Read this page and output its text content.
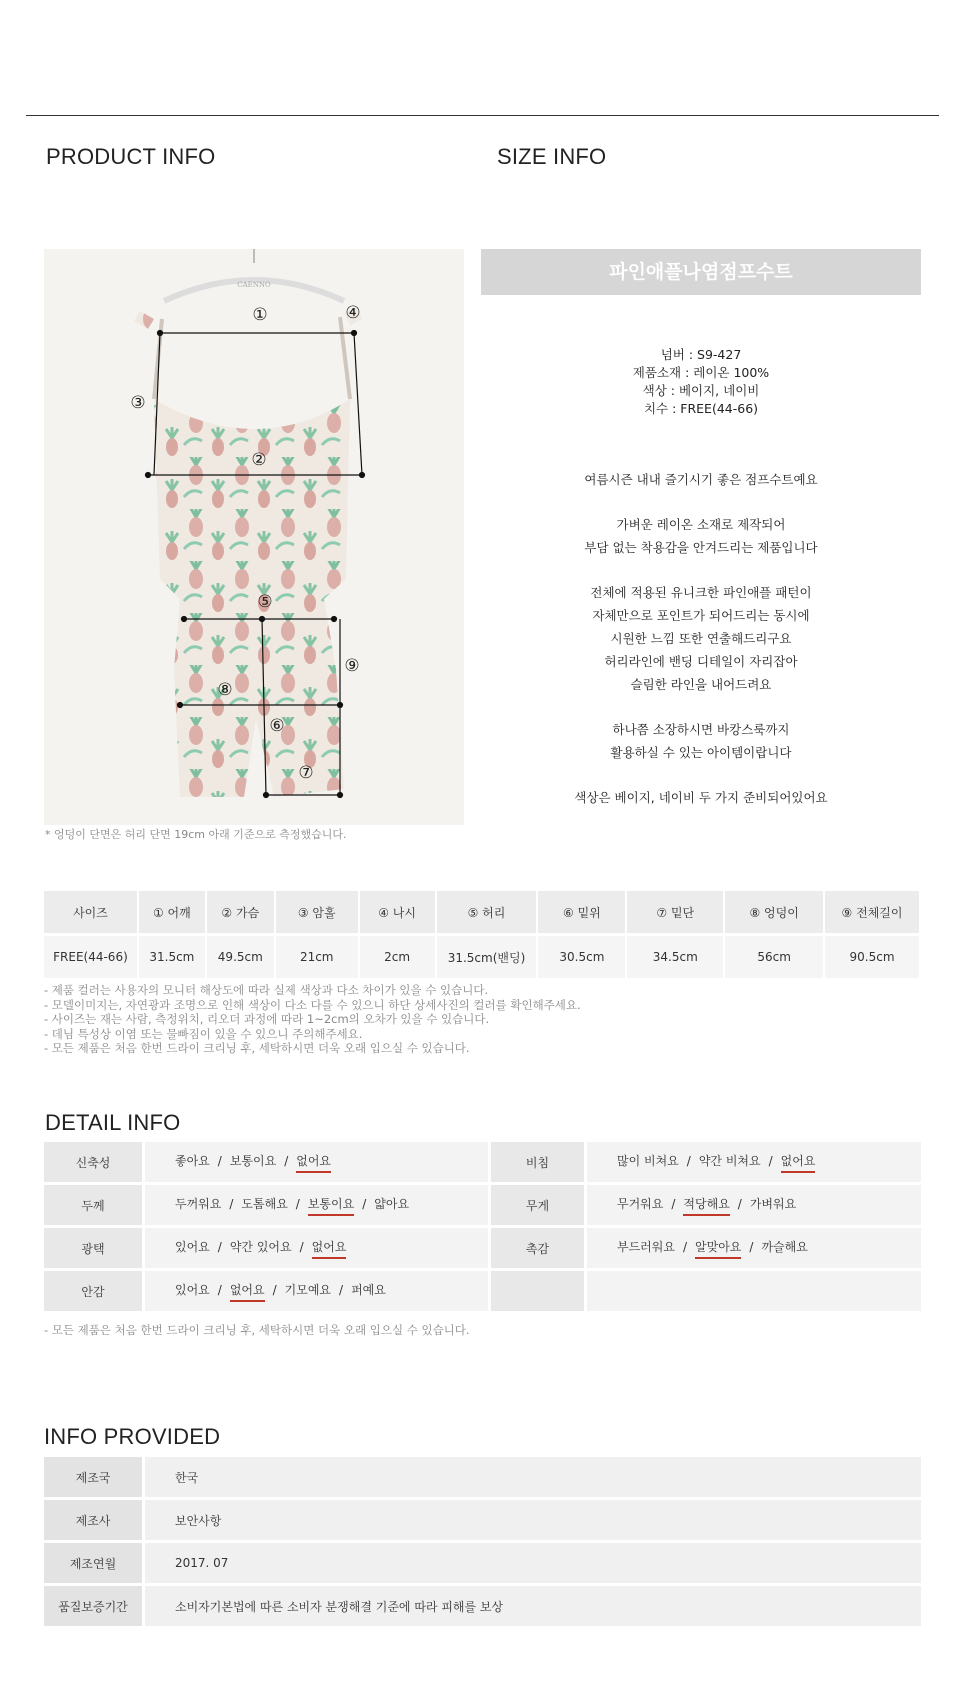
PRODUCT INFO	SIZE INFO
CAENNO
①
②
③
④
⑤
⑥
⑦
⑧
⑨
* 엉덩이 단면은 허리 단면 19cm 아래 기준으로 측정했습니다.
파인애플나염점프수트
넘버 : S9-427
제품소재 : 레이온 100%
색상 : 베이지, 네이비
치수 : FREE(44-66)

여름시즌 내내 즐기시기 좋은 점프수트예요

가벼운 레이온 소재로 제작되어

부담 없는 착용감을 안겨드리는 제품입니다

전체에 적용된 유니크한 파인애플 패턴이

자체만으로 포인트가 되어드리는 동시에

시원한 느낌 또한 연출해드리구요

허리라인에 밴딩 디테일이 자리잡아

슬림한 라인을 내어드려요

하나쯤 소장하시면 바캉스룩까지

활용하실 수 있는 아이템이랍니다

색상은 베이지, 네이비 두 가지 준비되어있어요

사이즈	① 어깨	② 가슴	③ 암홀	④ 나시	⑤ 허리	⑥ 밑위	⑦ 밑단	⑧ 엉덩이	⑨ 전체길이
FREE(44-66)	31.5cm	49.5cm	21cm	2cm	31.5cm(밴딩)	30.5cm	34.5cm	56cm	90.5cm
- 제품 컬러는 사용자의 모니터 해상도에 따라 실제 색상과 다소 차이가 있을 수 있습니다.
- 모델이미지는, 자연광과 조명으로 인해 색상이 다소 다를 수 있으니 하단 상세사진의 컬러를 확인해주세요.
- 사이즈는 재는 사람, 측정위치, 리오더 과정에 따라 1~2cm의 오차가 있을 수 있습니다.
- 데님 특성상 이염 또는 물빠짐이 있을 수 있으니 주의해주세요.
- 모든 제품은 처음 한번 드라이 크리닝 후, 세탁하시면 더욱 오래 입으실 수 있습니다.
DETAIL INFO
신축성	좋아요 / 보통이요 / 없어요	비침	많이 비쳐요 / 약간 비쳐요 / 없어요
두께	두꺼워요 / 도톰해요 / 보통이요 / 얇아요	무게	무거워요 / 적당해요 / 가벼워요
광택	있어요 / 약간 있어요 / 없어요	촉감	부드러워요 / 알맞아요 / 까슬해요
안감	있어요 / 없어요 / 기모예요 / 퍼예요		
- 모든 제품은 처음 한번 드라이 크리닝 후, 세탁하시면 더욱 오래 입으실 수 있습니다.
INFO PROVIDED
제조국	한국
제조사	보안사항
제조연월	2017. 07
품질보증기간	소비자기본법에 따른 소비자 분쟁해결 기준에 따라 피해를 보상
